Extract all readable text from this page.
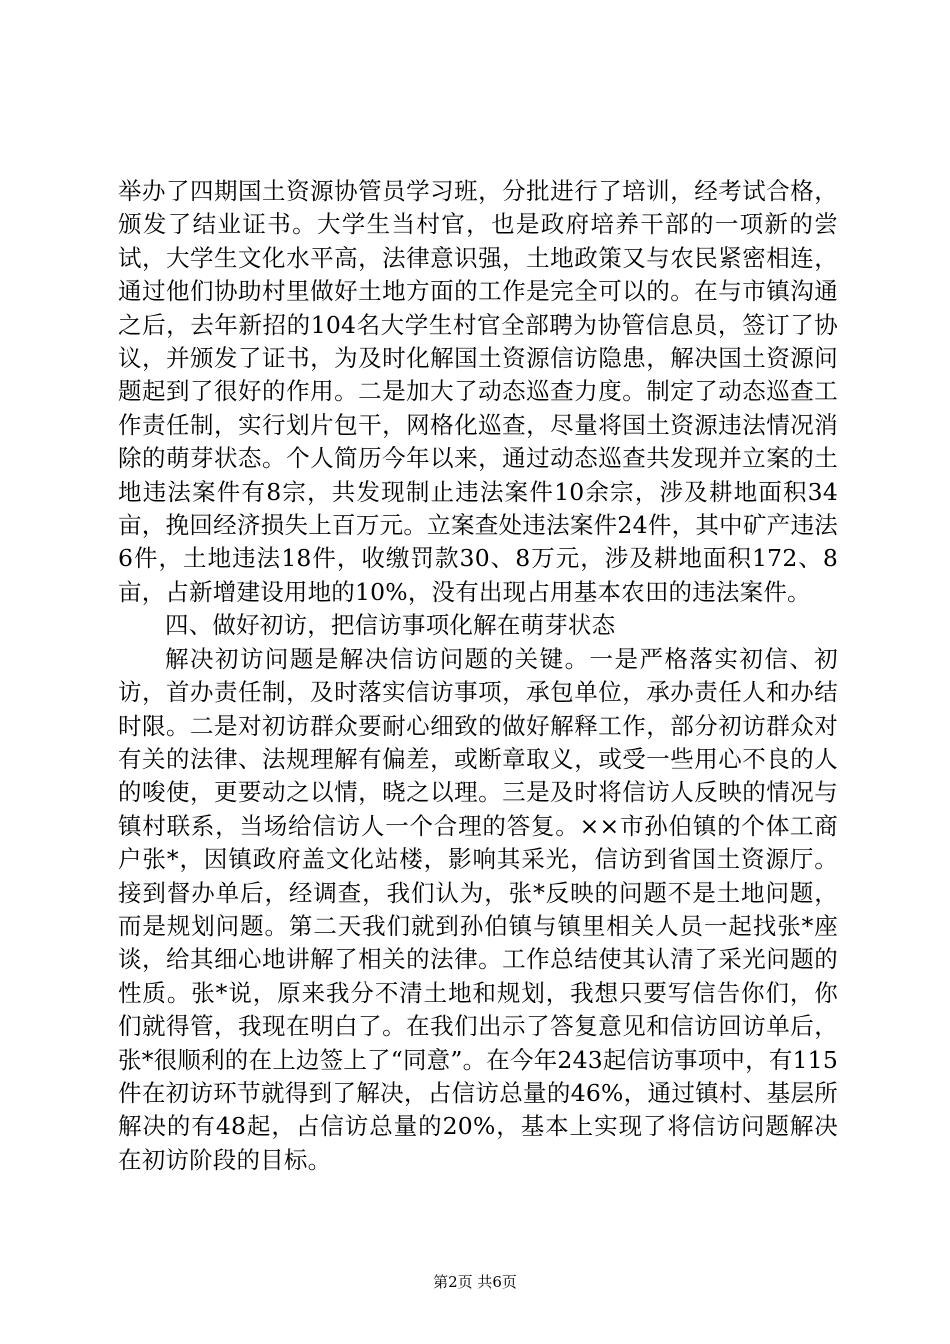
举办了四期国土资源协管员学习班，分批进行了培训，经考试合格，颁发了结业证书。大学生当村官，也是政府培养干部的一项新的尝试，大学生文化水平高，法律意识强，土地政策又与农民紧密相连，通过他们协助村里做好土地方面的工作是完全可以的。在与市镇沟通之后，去年新招的104名大学生村官全部聘为协管信息员，签订了协议，并颁发了证书，为及时化解国土资源信访隐患，解决国土资源问题起到了很好的作用。二是加大了动态巡查力度。制定了动态巡查工作责任制，实行划片包干，网格化巡查，尽量将国土资源违法情况消除的萌芽状态。个人简历今年以来，通过动态巡查共发现并立案的土地违法案件有8宗，共发现制止违法案件10余宗，涉及耕地面积34亩，挽回经济损失上百万元。立案查处违法案件24件，其中矿产违法6件，土地违法18件，收缴罚款30、8万元，涉及耕地面积172、8亩，占新增建设用地的10%，没有出现占用基本农田的违法案件。

四、做好初访，把信访事项化解在萌芽状态

解决初访问题是解决信访问题的关键。一是严格落实初信、初访，首办责任制，及时落实信访事项，承包单位，承办责任人和办结时限。二是对初访群众要耐心细致的做好解释工作，部分初访群众对有关的法律、法规理解有偏差，或断章取义，或受一些用心不良的人的唆使，更要动之以情，晓之以理。三是及时将信访人反映的情况与镇村联系，当场给信访人一个合理的答复。××市孙伯镇的个体工商户张*，因镇政府盖文化站楼，影响其采光，信访到省国土资源厅。接到督办单后，经调查，我们认为，张*反映的问题不是土地问题，而是规划问题。第二天我们就到孙伯镇与镇里相关人员一起找张*座谈，给其细心地讲解了相关的法律。工作总结使其认清了采光问题的性质。张*说，原来我分不清土地和规划，我想只要写信告你们，你们就得管，我现在明白了。在我们出示了答复意见和信访回访单后，张*很顺利的在上边签上了“同意”。在今年243起信访事项中，有115件在初访环节就得到了解决，占信访总量的46%，通过镇村、基层所解决的有48起，占信访总量的20%，基本上实现了将信访问题解决在初访阶段的目标。

第2页 共6页
